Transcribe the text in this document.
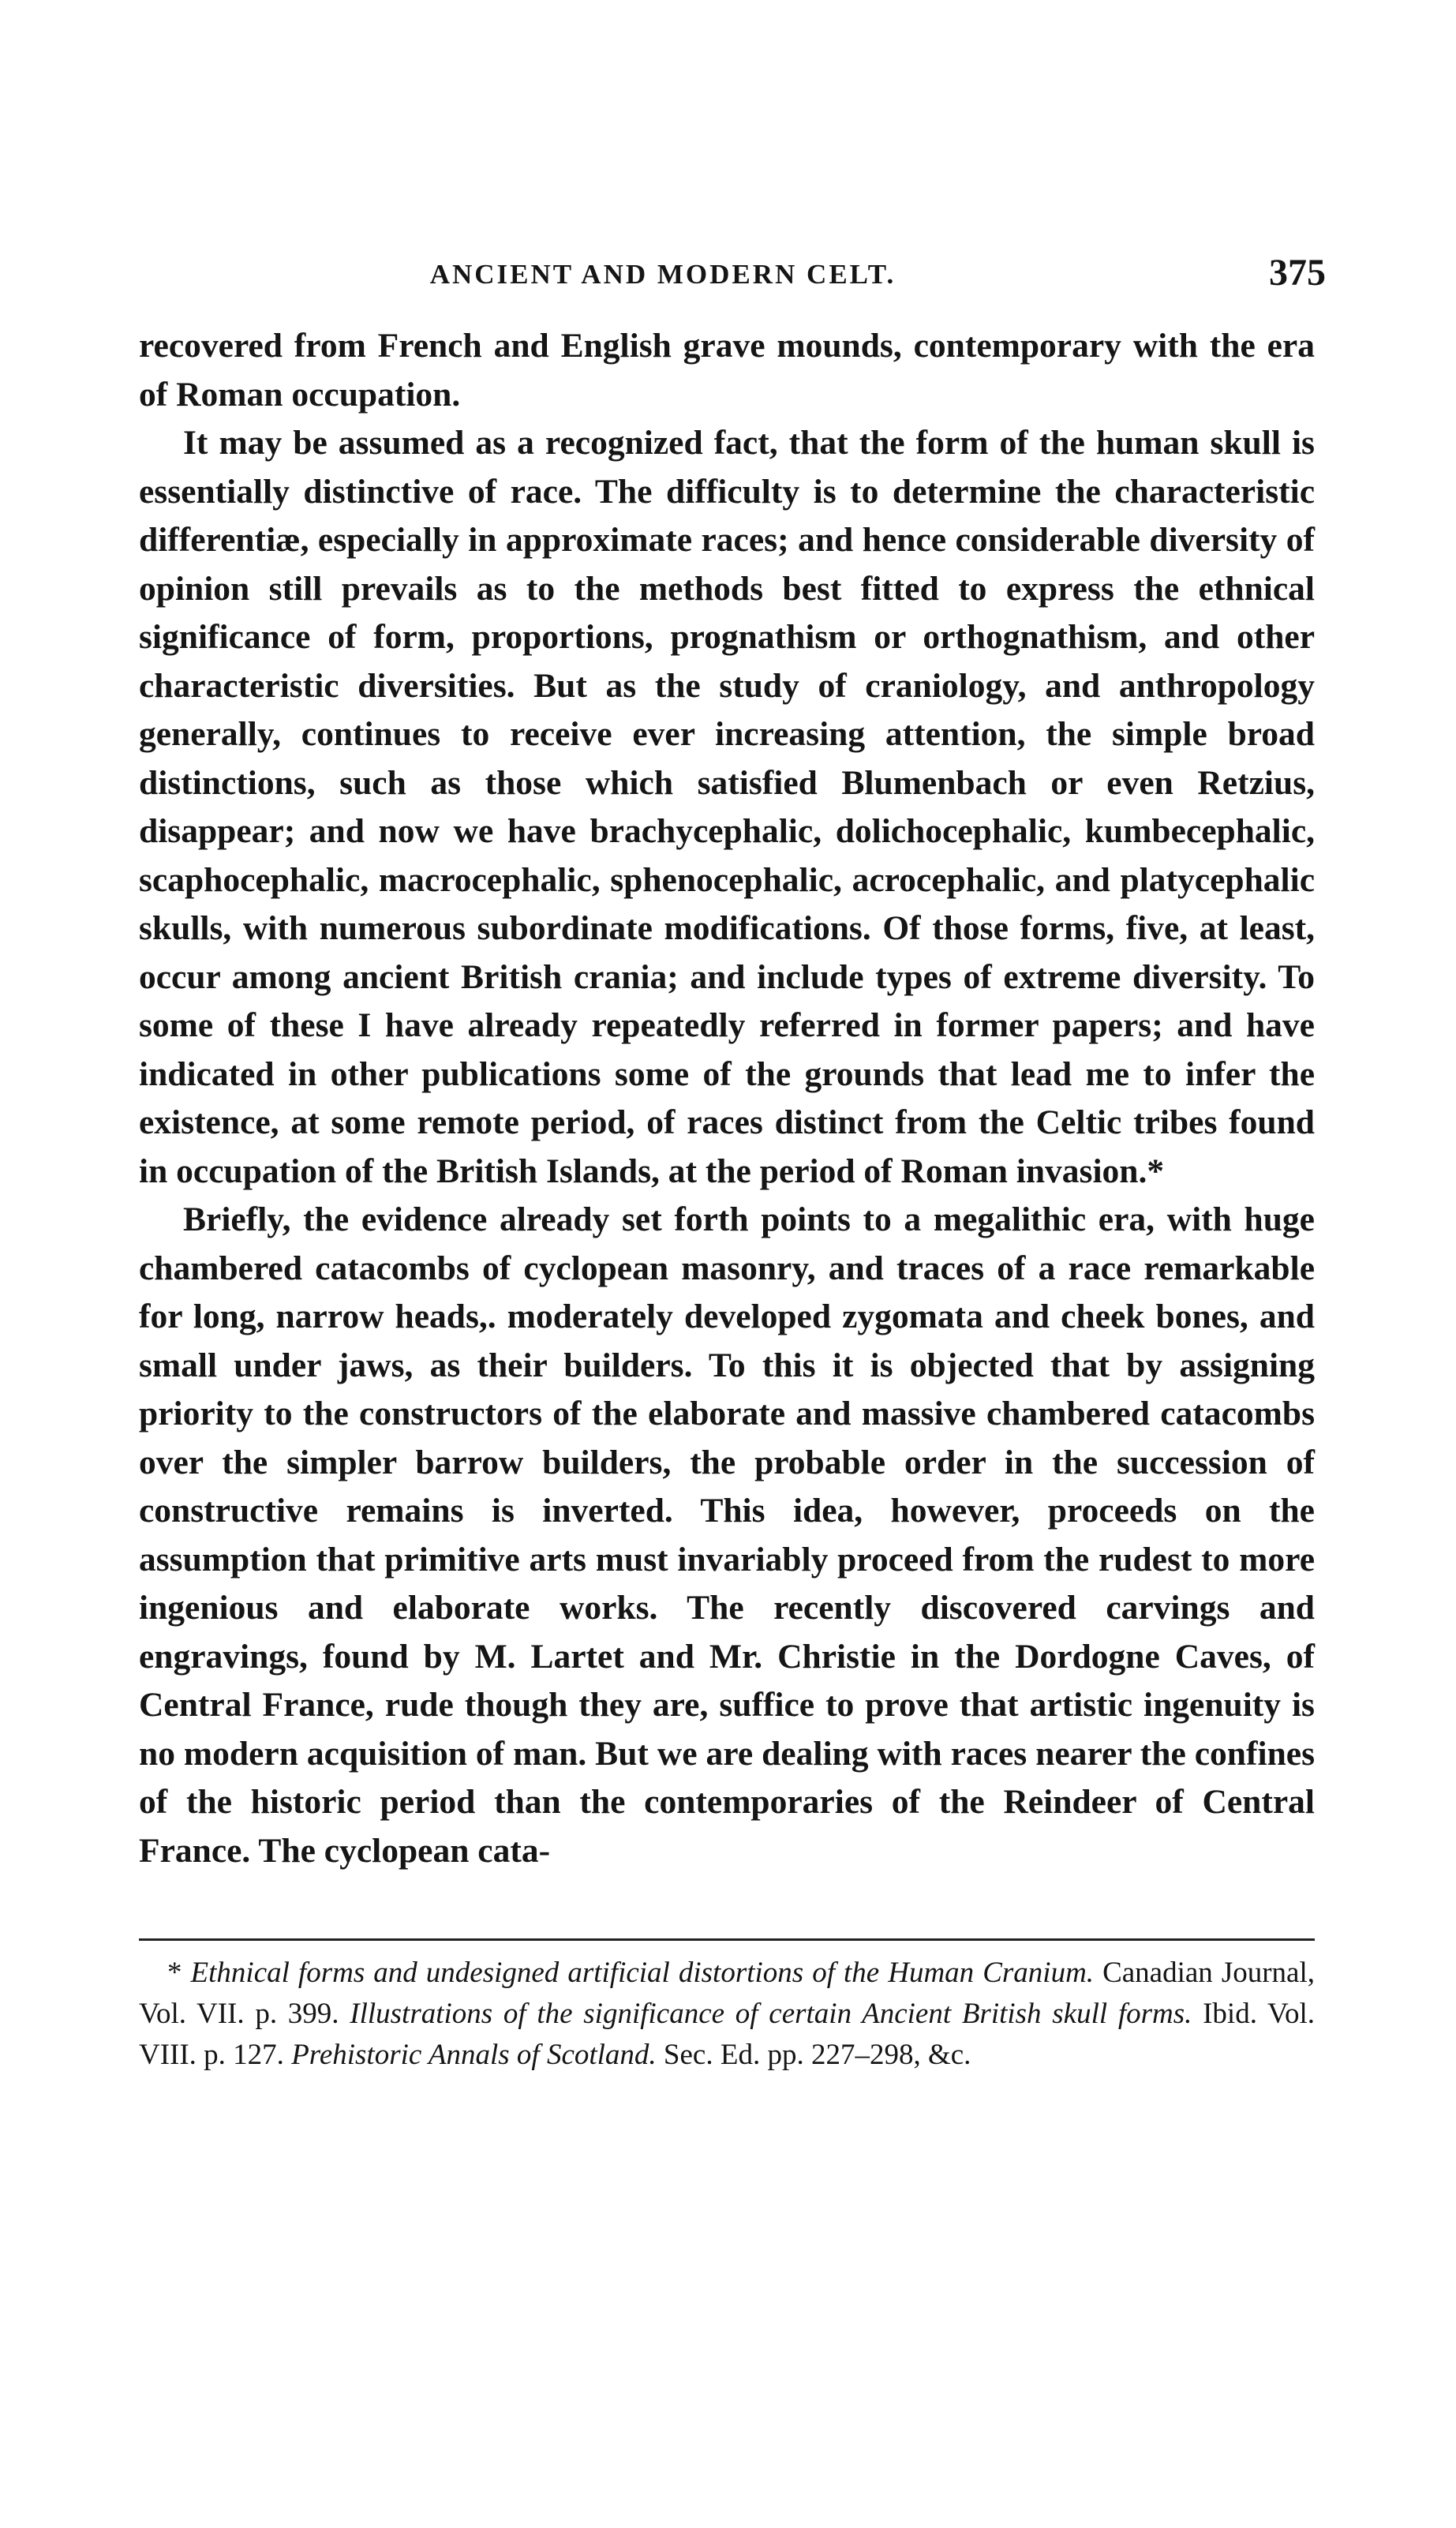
ANCIENT AND MODERN CELT.	375

recovered from French and English grave mounds, contemporary with the era of Roman occupation.

It may be assumed as a recognized fact, that the form of the human skull is essentially distinctive of race. The difficulty is to determine the characteristic differentiæ, especially in approximate races; and hence considerable diversity of opinion still prevails as to the methods best fitted to express the ethnical significance of form, proportions, prognathism or orthognathism, and other characteristic diversities. But as the study of craniology, and anthropology generally, continues to receive ever increasing attention, the simple broad distinctions, such as those which satisfied Blumenbach or even Retzius, disappear; and now we have brachycephalic, dolichocephalic, kumbecephalic, scaphocephalic, macrocephalic, sphenocephalic, acrocephalic, and platycephalic skulls, with numerous subordinate modifications. Of those forms, five, at least, occur among ancient British crania; and include types of extreme diversity. To some of these I have already repeatedly referred in former papers; and have indicated in other publications some of the grounds that lead me to infer the existence, at some remote period, of races distinct from the Celtic tribes found in occupation of the British Islands, at the period of Roman invasion.*

Briefly, the evidence already set forth points to a megalithic era, with huge chambered catacombs of cyclopean masonry, and traces of a race remarkable for long, narrow heads,. moderately developed zygomata and cheek bones, and small under jaws, as their builders. To this it is objected that by assigning priority to the constructors of the elaborate and massive chambered catacombs over the simpler barrow builders, the probable order in the succession of constructive remains is inverted. This idea, however, proceeds on the assumption that primitive arts must invariably proceed from the rudest to more ingenious and elaborate works. The recently discovered carvings and engravings, found by M. Lartet and Mr. Christie in the Dordogne Caves, of Central France, rude though they are, suffice to prove that artistic ingenuity is no modern acquisition of man. But we are dealing with races nearer the confines of the historic period than the contemporaries of the Reindeer of Central France. The cyclopean cata-

* Ethnical forms and undesigned artificial distortions of the Human Cranium. Canadian Journal, Vol. VII. p. 399. Illustrations of the significance of certain Ancient British skull forms. Ibid. Vol. VIII. p. 127. Prehistoric Annals of Scotland. Sec. Ed. pp. 227–298, &c.
